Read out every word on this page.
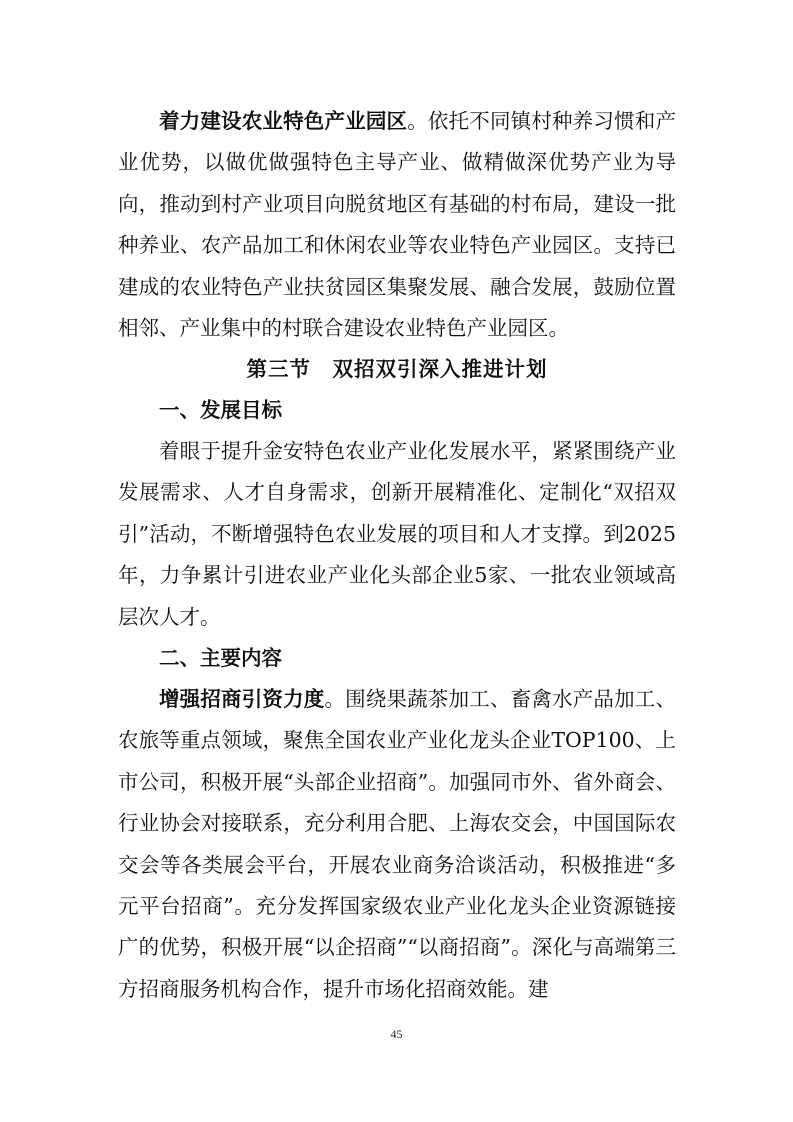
着力建设农业特色产业园区。依托不同镇村种养习惯和产业优势，以做优做强特色主导产业、做精做深优势产业为导向，推动到村产业项目向脱贫地区有基础的村布局，建设一批种养业、农产品加工和休闲农业等农业特色产业园区。支持已建成的农业特色产业扶贫园区集聚发展、融合发展，鼓励位置相邻、产业集中的村联合建设农业特色产业园区。

第三节　双招双引深入推进计划
一、发展目标

着眼于提升金安特色农业产业化发展水平，紧紧围绕产业发展需求、人才自身需求，创新开展精准化、定制化“双招双引”活动，不断增强特色农业发展的项目和人才支撑。到2025年，力争累计引进农业产业化头部企业5家、一批农业领域高层次人才。

二、主要内容

增强招商引资力度。围绕果蔬茶加工、畜禽水产品加工、农旅等重点领域，聚焦全国农业产业化龙头企业TOP100、上市公司，积极开展“头部企业招商”。加强同市外、省外商会、行业协会对接联系，充分利用合肥、上海农交会，中国国际农交会等各类展会平台，开展农业商务洽谈活动，积极推进“多元平台招商”。充分发挥国家级农业产业化龙头企业资源链接广的优势，积极开展“以企招商”“以商招商”。深化与高端第三方招商服务机构合作，提升市场化招商效能。建

45
